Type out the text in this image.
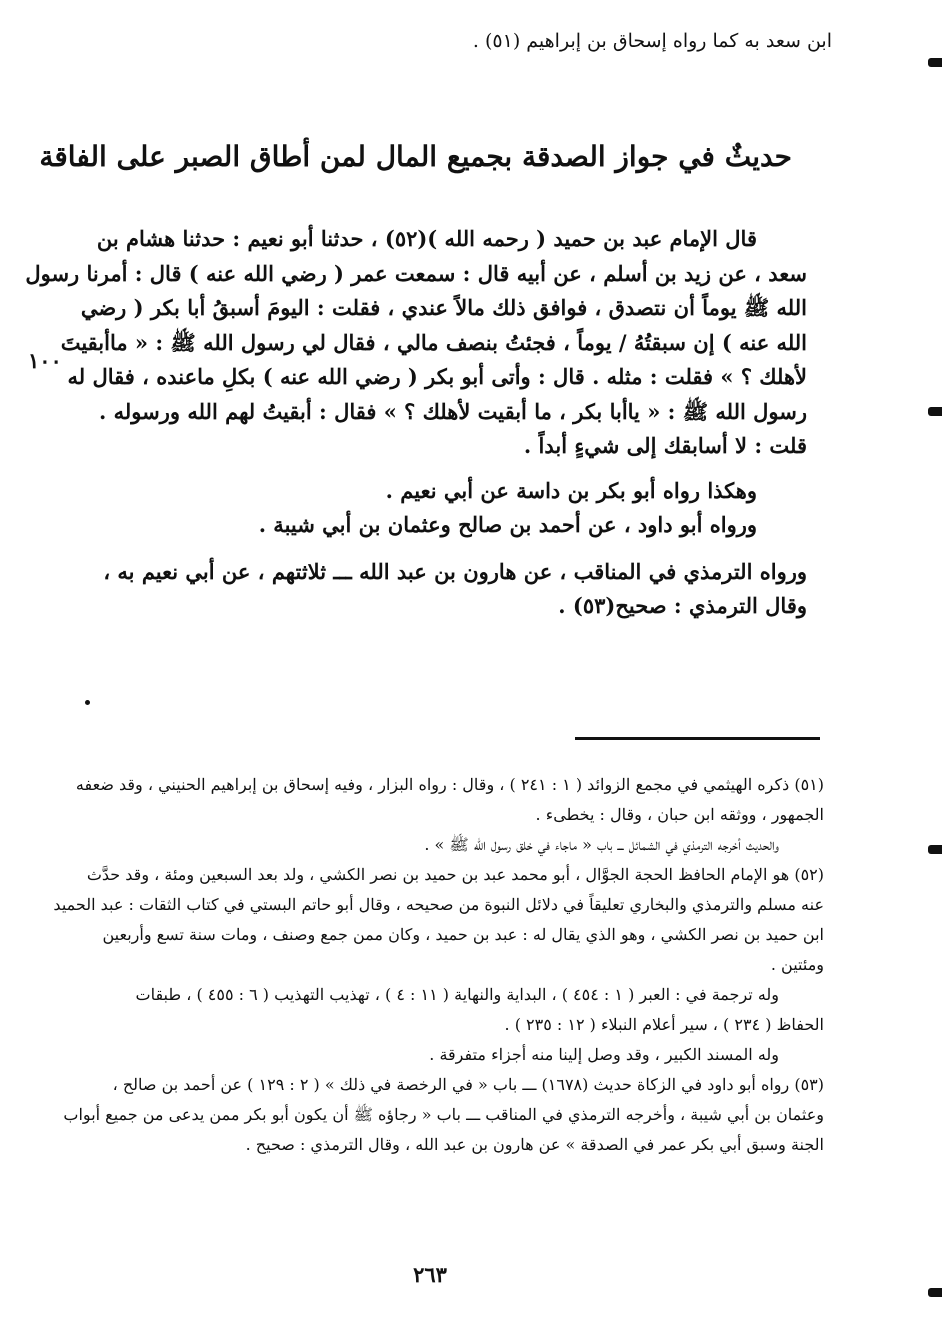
ابن سعد به كما رواه إسحاق بن إبراهيم (٥١) .
حديثٌ في جواز الصدقة بجميع المال لمن أطاق الصبر على الفاقة
١٠٠

قال الإمام عبد بن حميد ( رحمه الله )(٥٢) ، حدثنا أبو نعيم : حدثنا هشام بن

سعد ، عن زيد بن أسلم ، عن أبيه قال : سمعت عمر ( رضي الله عنه ) قال : أمرنا رسول
الله ﷺ يوماً أن نتصدق ، فوافق ذلك مالاً عندي ، فقلت : اليومَ أسبقُ أبا بكر ( رضي
الله عنه ) إن سبقتُهُ / يوماً ، فجئتُ بنصف مالي ، فقال لي رسول الله ﷺ : « ماأبقيتَ
لأهلك ؟ » فقلت : مثله . قال : وأتى أبو بكر ( رضي الله عنه ) بكلِ ماعنده ، فقال له
رسول الله ﷺ : « ياأبا بكر ، ما أبقيت لأهلك ؟ » فقال : أبقيتُ لهم الله ورسوله .
قلت : لا أسابقك إلى شيءٍ أبداً .

وهكذا رواه أبو بكر بن داسة عن أبي نعيم .

ورواه أبو داود ، عن أحمد بن صالح وعثمان بن أبي شيبة .

ورواه الترمذي في المناقب ، عن هارون بن عبد الله ـــ ثلاثتهم ، عن أبي نعيم به ،
وقال الترمذي : صحيح(٥٣) .

(٥١) ذكره الهيثمي في مجمع الزوائد ( ١ : ٢٤١ ) ، وقال : رواه البزار ، وفيه إسحاق بن إبراهيم الحنيني ، وقد ضعفه

الجمهور ، ووثقه ابن حبان ، وقال : يخطىء .

والحديث أخرجه الترمذي في الشمائل ـــ باب « ماجاء في خلق رسول الله ﷺ » .

(٥٢) هو الإمام الحافظ الحجة الجوَّال ، أبو محمد عبد بن حميد بن نصر الكشي ، ولد بعد السبعين ومئة ، وقد حدَّث

عنه مسلم والترمذي والبخاري تعليقاً في دلائل النبوة من صحيحه ، وقال أبو حاتم البستي في كتاب الثقات : عبد الحميد

ابن حميد بن نصر الكشي ، وهو الذي يقال له : عبد بن حميد ، وكان ممن جمع وصنف ، ومات سنة تسع وأربعين

ومئتين .

وله ترجمة في : العبر ( ١ : ٤٥٤ ) ، البداية والنهاية ( ١١ : ٤ ) ، تهذيب التهذيب ( ٦ : ٤٥٥ ) ، طبقات

الحفاظ ( ٢٣٤ ) ، سير أعلام النبلاء ( ١٢ : ٢٣٥ ) .

وله المسند الكبير ، وقد وصل إلينا منه أجزاء متفرقة .

(٥٣) رواه أبو داود في الزكاة حديث (١٦٧٨) ـــ باب « في الرخصة في ذلك » ( ٢ : ١٢٩ ) عن أحمد بن صالح ،

وعثمان بن أبي شيبة ، وأخرجه الترمذي في المناقب ـــ باب « رجاؤه ﷺ أن يكون أبو بكر ممن يدعى من جميع أبواب

الجنة وسبق أبي بكر عمر في الصدقة » عن هارون بن عبد الله ، وقال الترمذي : صحيح .

٢٦٣
